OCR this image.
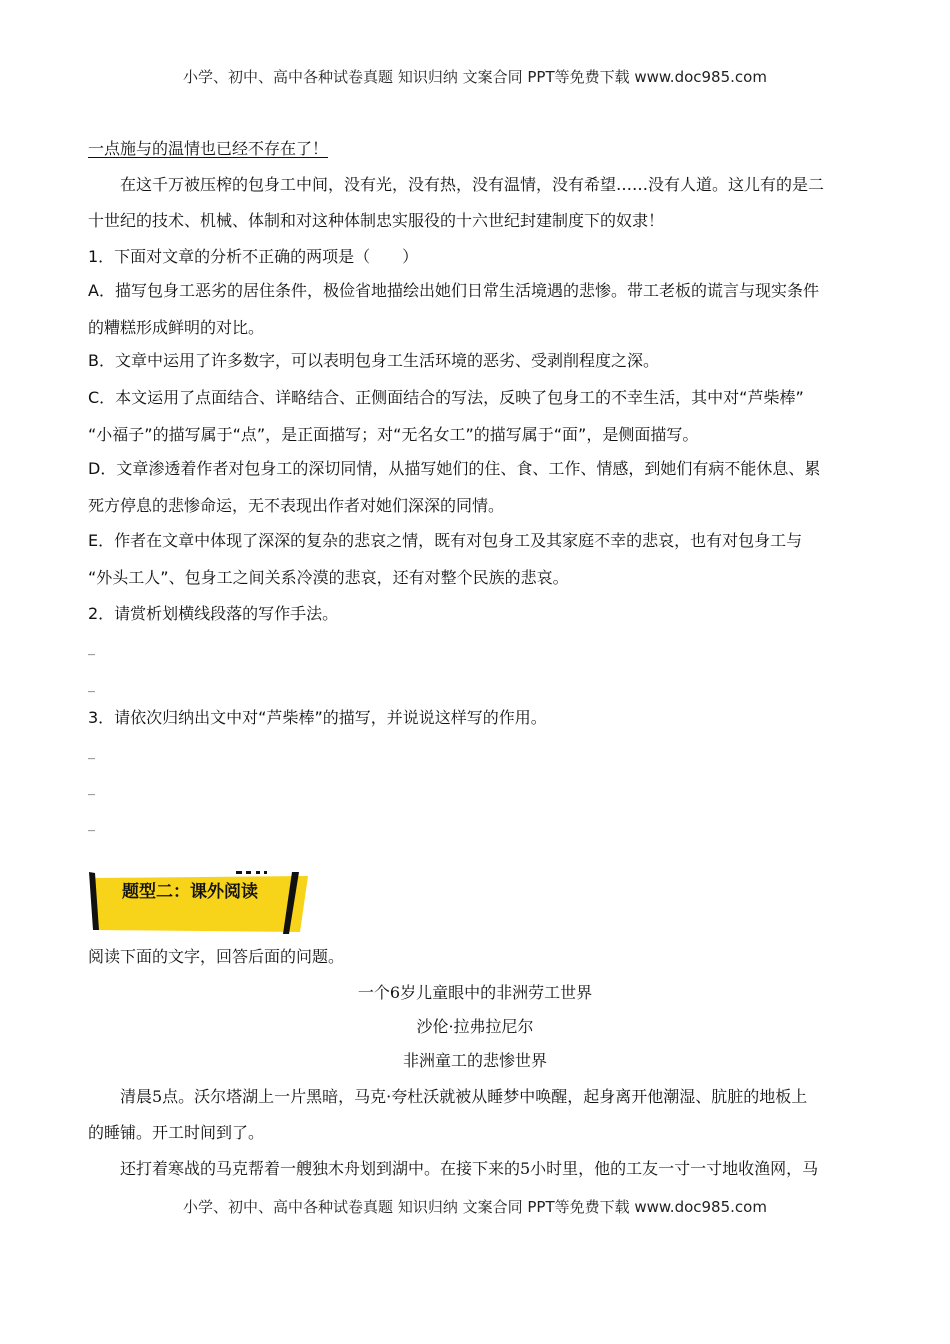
小学、初中、高中各种试卷真题 知识归纳 文案合同 PPT等免费下载 www.doc985.com
一点施与的温情也已经不存在了！
在这千万被压榨的包身工中间，没有光，没有热，没有温情，没有希望……没有人道。这儿有的是二
十世纪的技术、机械、体制和对这种体制忠实服役的十六世纪封建制度下的奴隶！
1．下面对文章的分析不正确的两项是（　　）
A．描写包身工恶劣的居住条件，极俭省地描绘出她们日常生活境遇的悲惨。带工老板的谎言与现实条件
的糟糕形成鲜明的对比。
B．文章中运用了许多数字，可以表明包身工生活环境的恶劣、受剥削程度之深。
C．本文运用了点面结合、详略结合、正侧面结合的写法，反映了包身工的不幸生活，其中对“芦柴棒”
“小福子”的描写属于“点”，是正面描写；对“无名女工”的描写属于“面”，是侧面描写。
D．文章渗透着作者对包身工的深切同情，从描写她们的住、食、工作、情感，到她们有病不能休息、累
死方停息的悲惨命运，无不表现出作者对她们深深的同情。
E．作者在文章中体现了深深的复杂的悲哀之情，既有对包身工及其家庭不幸的悲哀，也有对包身工与
“外头工人”、包身工之间关系冷漠的悲哀，还有对整个民族的悲哀。
2．请赏析划横线段落的写作手法。
_
_
3．请依次归纳出文中对“芦柴棒”的描写，并说说这样写的作用。
_
_
_
题型二：课外阅读
阅读下面的文字，回答后面的问题。
一个6岁儿童眼中的非洲劳工世界
沙伦·拉弗拉尼尔
非洲童工的悲惨世界
清晨5点。沃尔塔湖上一片黑暗，马克·夸杜沃就被从睡梦中唤醒，起身离开他潮湿、肮脏的地板上
的睡铺。开工时间到了。
还打着寒战的马克帮着一艘独木舟划到湖中。在接下来的5小时里，他的工友一寸一寸地收渔网，马
小学、初中、高中各种试卷真题 知识归纳 文案合同 PPT等免费下载 www.doc985.com
